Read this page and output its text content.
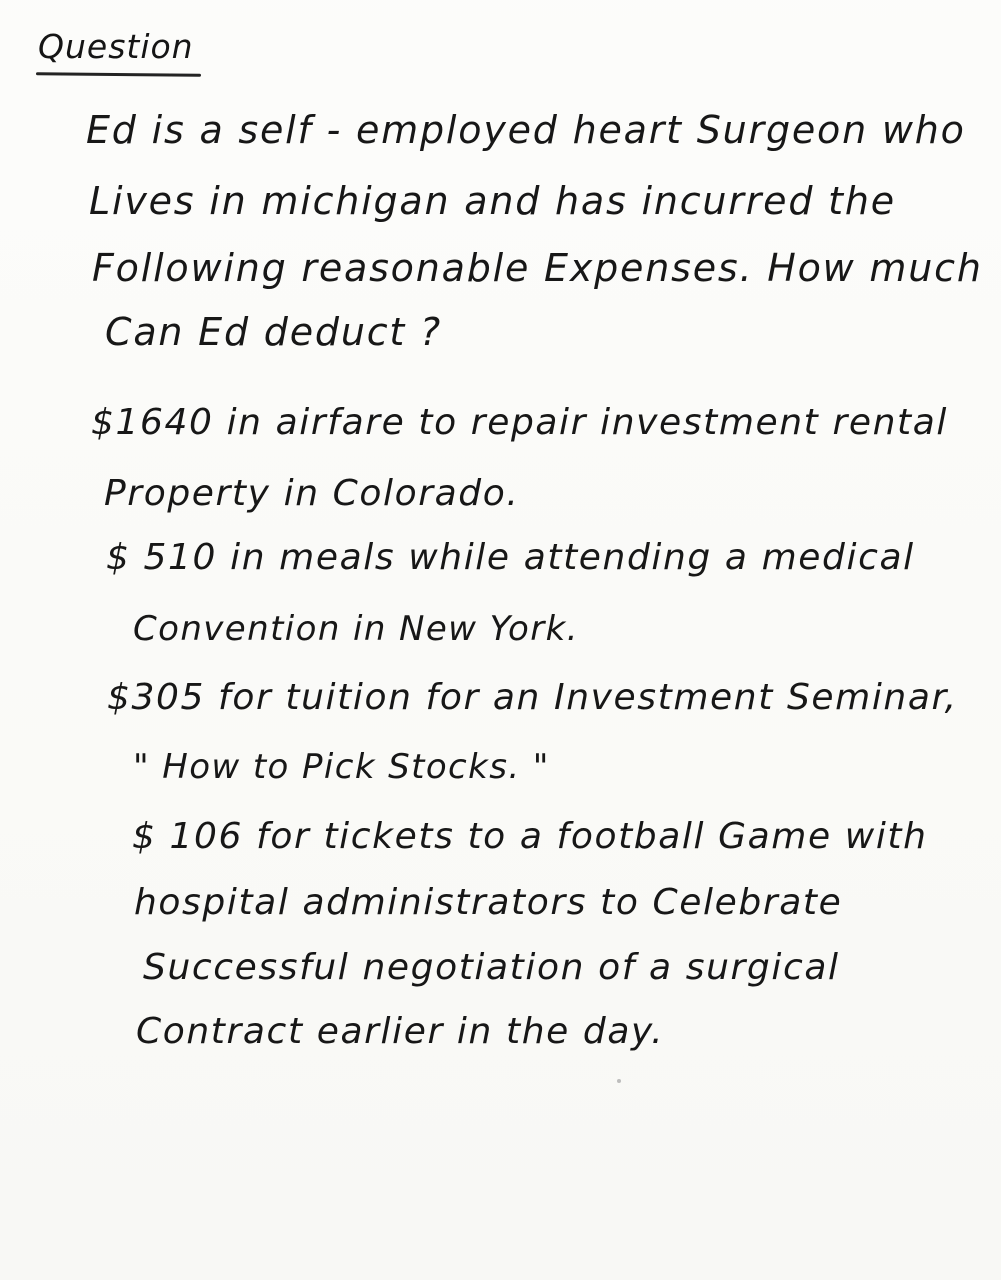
Question
Ed is a self - employed heart Surgeon who
Lives in michigan and has incurred the
Following reasonable Expenses. How much
Can Ed deduct ?
$1640 in airfare to repair investment rental
Property in Colorado.
$ 510 in meals while attending a medical
Convention in New York.
$305 for tuition for an Investment Seminar,
" How to Pick Stocks. "
$ 106 for tickets to a football Game with
hospital administrators to Celebrate
Successful negotiation of a surgical
Contract earlier in the day.
